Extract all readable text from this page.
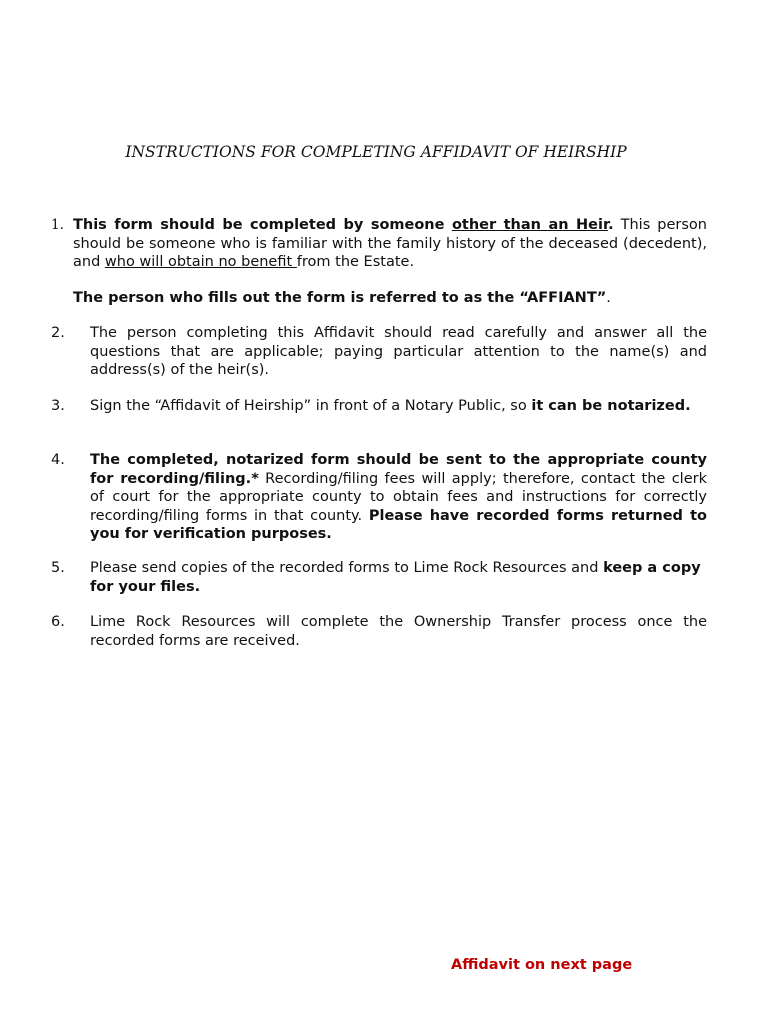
INSTRUCTIONS FOR COMPLETING AFFIDAVIT OF HEIRSHIP
1. This form should be completed by someone other than an Heir. This person should be someone who is familiar with the family history of the deceased (decedent), and who will obtain no benefit from the Estate.
The person who fills out the form is referred to as the “AFFIANT”.
2. The person completing this Affidavit should read carefully and answer all the questions that are applicable; paying particular attention to the name(s) and address(s) of the heir(s).
3. Sign the “Affidavit of Heirship” in front of a Notary Public, so it can be notarized.
4. The completed, notarized form should be sent to the appropriate county for recording/filing.* Recording/filing fees will apply; therefore, contact the clerk of court for the appropriate county to obtain fees and instructions for correctly recording/filing forms in that county. Please have recorded forms returned to you for verification purposes.
5. Please send copies of the recorded forms to Lime Rock Resources and keep a copy for your files.
6. Lime Rock Resources will complete the Ownership Transfer process once the recorded forms are received.
Affidavit on next page
